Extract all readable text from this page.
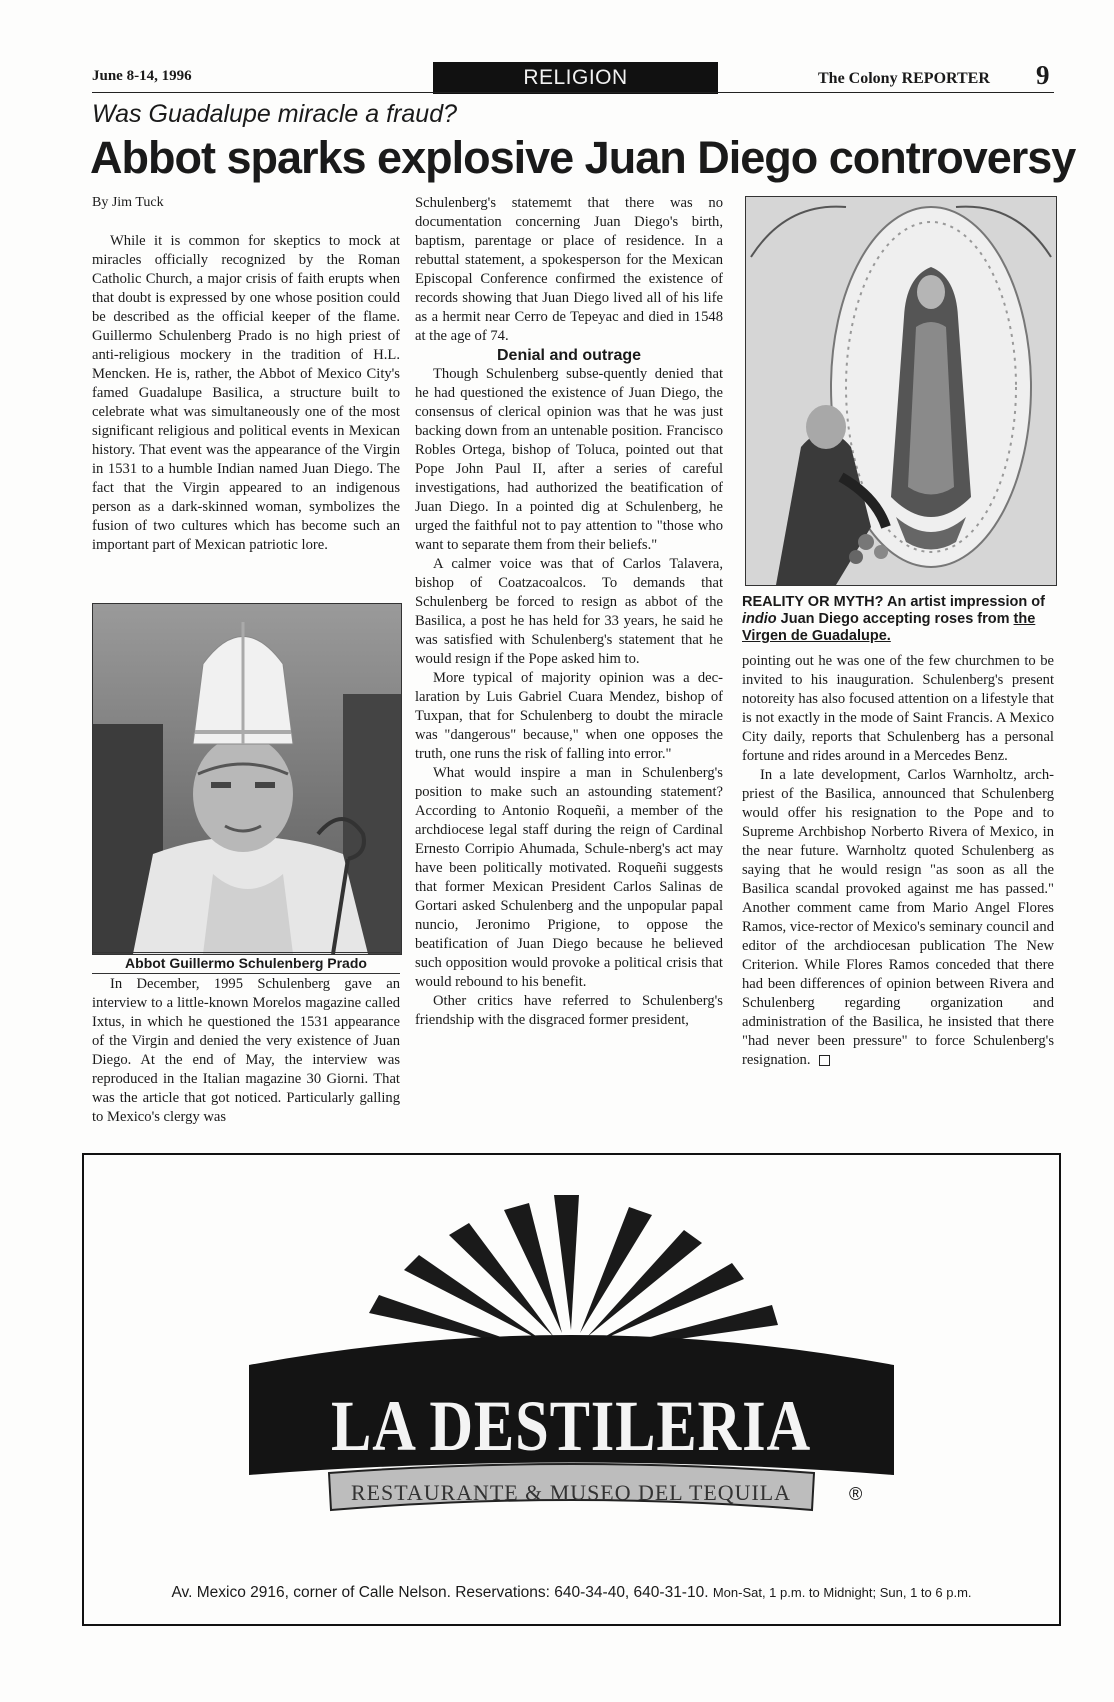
June 8-14, 1996	RELIGION	The Colony REPORTER 9
Was Guadalupe miracle a fraud?
Abbot sparks explosive Juan Diego controversy
By Jim Tuck

While it is common for skeptics to mock at miracles officially recognized by the Roman Catholic Church, a major crisis of faith erupts when that doubt is expressed by one whose position could be described as the official keeper of the flame. Guillermo Schulenberg Prado is no high priest of anti-religious mockery in the tradition of H.L. Mencken. He is, rather, the Abbot of Mexico City's famed Guadalupe Basilica, a structure built to celebrate what was simultaneously one of the most significant religious and political events in Mexican history. That event was the appearance of the Virgin in 1531 to a humble Indian named Juan Diego. The fact that the Virgin appeared to an indigenous person as a dark-skinned woman, symbolizes the fusion of two cultures which has become such an important part of Mexican patriotic lore.

Abbot Guillermo Schulenberg Prado

In December, 1995 Schulenberg gave an interview to a little-known Morelos magazine called Ixtus, in which he questioned the 1531 appearance of the Virgin and denied the very existence of Juan Diego. At the end of May, the interview was reproduced in the Italian magazine 30 Giorni. That was the article that got noticed. Particularly galling to Mexico's clergy was

Schulenberg's statememt that there was no documentation concerning Juan Diego's birth, baptism, parentage or place of residence. In a rebuttal statement, a spokesperson for the Mexican Episcopal Conference confirmed the existence of records showing that Juan Diego lived all of his life as a hermit near Cerro de Tepeyac and died in 1548 at the age of 74.

Denial and outrage

Though Schulenberg subse-quently denied that he had questioned the existence of Juan Diego, the consensus of clerical opinion was that he was just backing down from an untenable position. Francisco Robles Ortega, bishop of Toluca, pointed out that Pope John Paul II, after a series of careful investigations, had authorized the beatification of Juan Diego. In a pointed dig at Schulenberg, he urged the faithful not to pay attention to "those who want to separate them from their beliefs."

A calmer voice was that of Carlos Talavera, bishop of Coatzacoalcos. To demands that Schulenberg be forced to resign as abbot of the Basilica, a post he has held for 33 years, he said he was satisfied with Schulenberg's statement that he would resign if the Pope asked him to.

More typical of majority opinion was a dec-laration by Luis Gabriel Cuara Mendez, bishop of Tuxpan, that for Schulenberg to doubt the miracle was "dangerous" because," when one opposes the truth, one runs the risk of falling into error."

What would inspire a man in Schulenberg's position to make such an astounding statement? According to Antonio Roqueñi, a member of the archdiocese legal staff during the reign of Cardinal Ernesto Corripio Ahumada, Schule-nberg's act may have been politically motivated. Roqueñi suggests that former Mexican President Carlos Salinas de Gortari asked Schulenberg and the unpopular papal nuncio, Jeronimo Prigione, to oppose the beatification of Juan Diego because he believed such opposition would provoke a political crisis that would rebound to his benefit.

Other critics have referred to Schulenberg's friendship with the disgraced former president,

REALITY OR MYTH? An artist impression of indio Juan Diego accepting roses from the Virgen de Guadalupe.

pointing out he was one of the few churchmen to be invited to his inauguration. Schulenberg's present notoreity has also focused attention on a lifestyle that is not exactly in the mode of Saint Francis. A Mexico City daily, reports that Schulenberg has a personal fortune and rides around in a Mercedes Benz.

In a late development, Carlos Warnholtz, arch-priest of the Basilica, announced that Schulenberg would offer his resignation to the Pope and to Supreme Archbishop Norberto Rivera of Mexico, in the near future. Warnholtz quoted Schulenberg as saying that he would resign "as soon as all the Basilica scandal provoked against me has passed." Another comment came from Mario Angel Flores Ramos, vice-rector of Mexico's seminary council and editor of the archdiocesan publication The New Criterion. While Flores Ramos conceded that there had been differences of opinion between Rivera and Schulenberg regarding organization and administration of the Basilica, he insisted that there "had never been pressure" to force Schulenberg's resignation.

LA DESTILERIA
RESTAURANTE & MUSEO DEL TEQUILA	®
Av. Mexico 2916, corner of Calle Nelson. Reservations: 640-34-40, 640-31-10. Mon-Sat, 1 p.m. to Midnight; Sun, 1 to 6 p.m.
